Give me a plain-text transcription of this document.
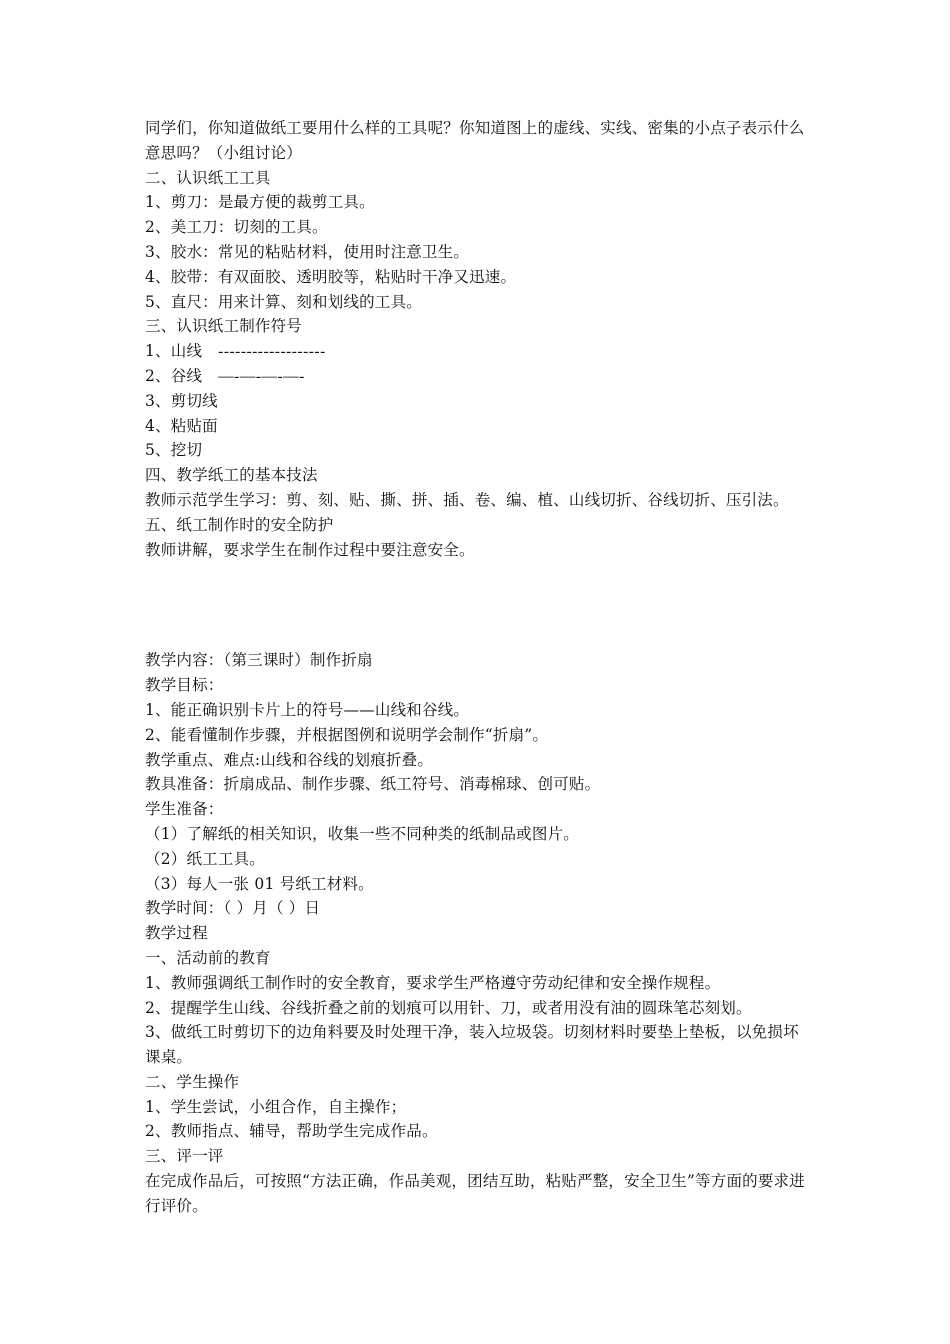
同学们，你知道做纸工要用什么样的工具呢？你知道图上的虚线、实线、密集的小点子表示什么意思吗？（小组讨论）
二、认识纸工工具
1、剪刀：是最方便的裁剪工具。
2、美工刀：切刻的工具。
3、胶水：常见的粘贴材料，使用时注意卫生。
4、胶带：有双面胶、透明胶等，粘贴时干净又迅速。
5、直尺：用来计算、刻和划线的工具。
三、认识纸工制作符号
1、山线 -------------------
2、谷线 —-—-—-—-
3、剪切线
4、粘贴面
5、挖切
四、教学纸工的基本技法
教师示范学生学习：剪、刻、贴、撕、拼、插、卷、编、植、山线切折、谷线切折、压引法。
五、纸工制作时的安全防护
教师讲解，要求学生在制作过程中要注意安全。
教学内容：（第三课时）制作折扇
教学目标：
1、能正确识别卡片上的符号——山线和谷线。
2、能看懂制作步骤，并根据图例和说明学会制作“折扇”。
教学重点、难点:山线和谷线的划痕折叠。
教具准备：折扇成品、制作步骤、纸工符号、消毒棉球、创可贴。
学生准备：
（1）了解纸的相关知识，收集一些不同种类的纸制品或图片。
（2）纸工工具。
（3）每人一张 01 号纸工材料。
教学时间：（ ）月（ ）日
教学过程
一、活动前的教育
1、教师强调纸工制作时的安全教育，要求学生严格遵守劳动纪律和安全操作规程。
2、提醒学生山线、谷线折叠之前的划痕可以用针、刀，或者用没有油的圆珠笔芯刻划。
3、做纸工时剪切下的边角料要及时处理干净，装入垃圾袋。切刻材料时要垫上垫板，以免损坏课桌。
二、学生操作
1、学生尝试，小组合作，自主操作；
2、教师指点、辅导，帮助学生完成作品。
三、评一评
在完成作品后，可按照“方法正确，作品美观，团结互助，粘贴严整，安全卫生”等方面的要求进行评价。
